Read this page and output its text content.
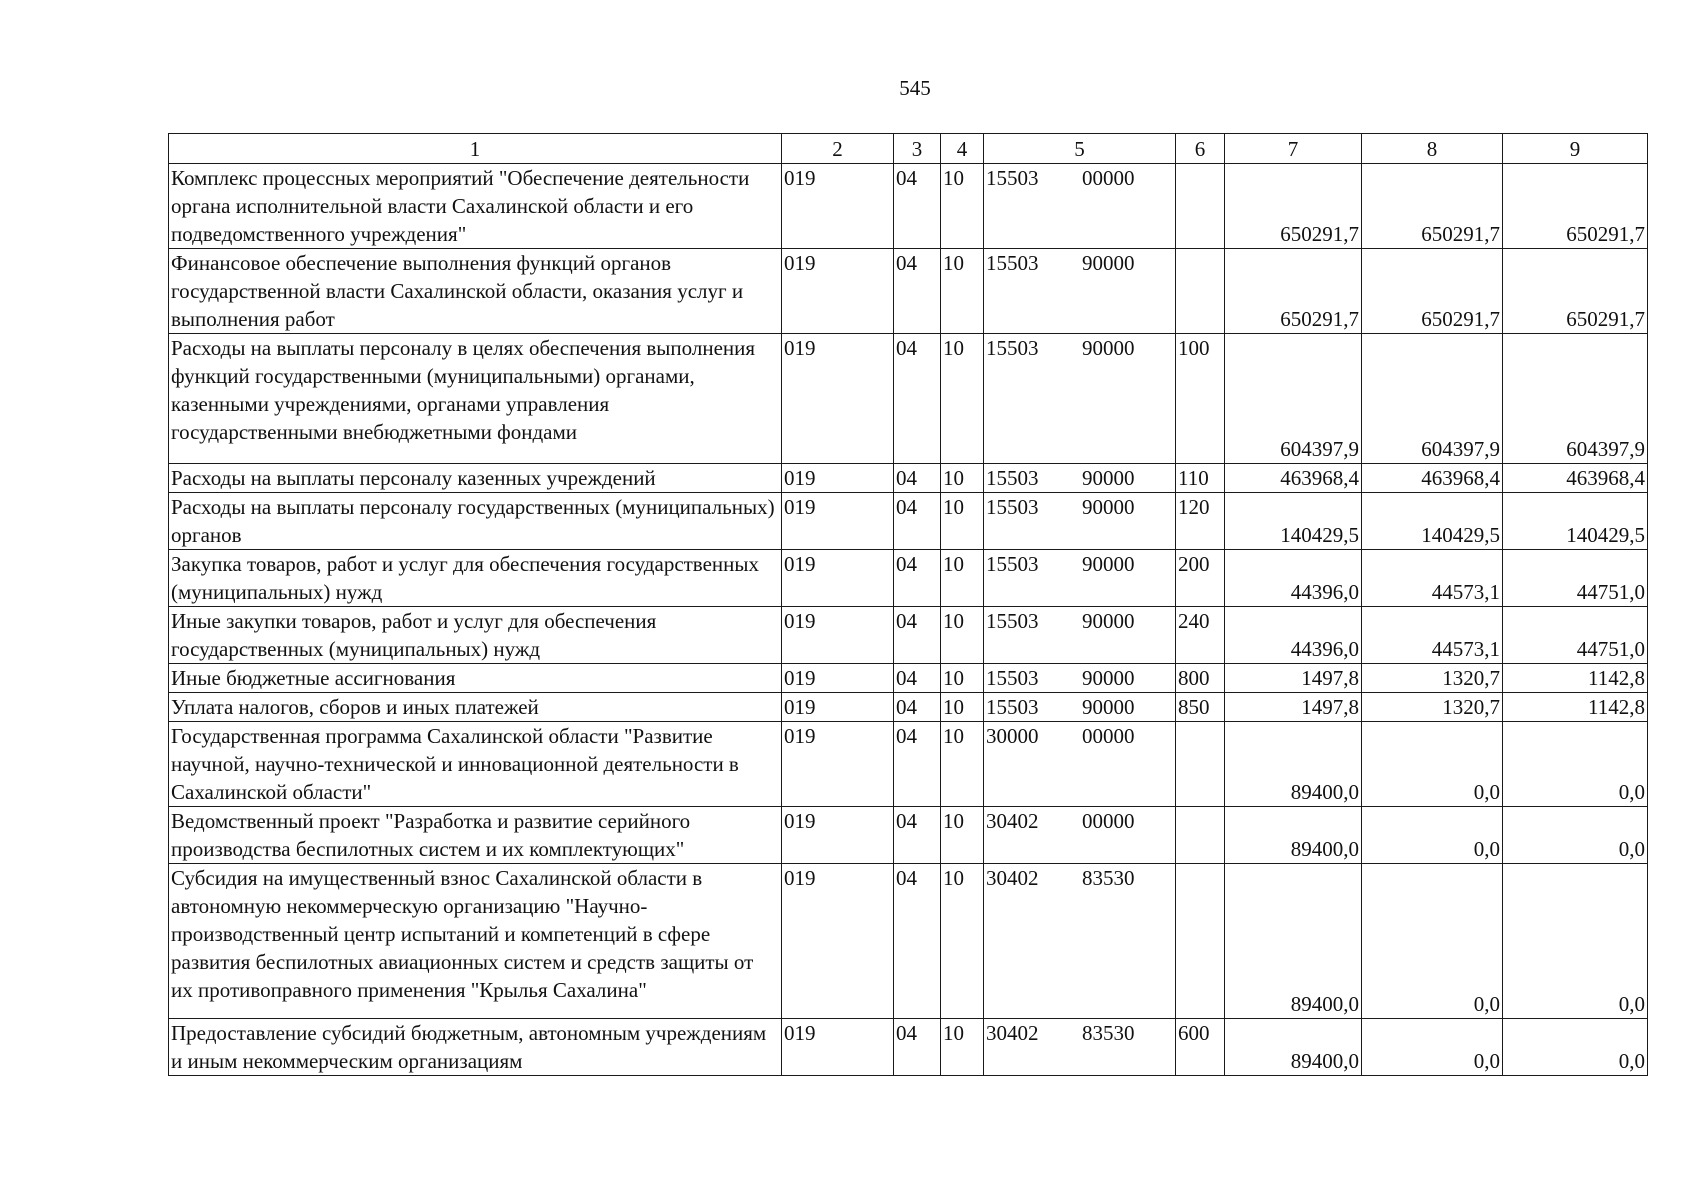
545
1	2	3	4	5	6	7	8	9
Комплекс процессных мероприятий "Обеспечение деятельности органа исполнительной власти Сахалинской области и его подведомственного учреждения"	019	04	10	15503 00000		650291,7	650291,7	650291,7
Финансовое обеспечение выполнения функций органов государственной власти Сахалинской области, оказания услуг и выполнения работ	019	04	10	15503 90000		650291,7	650291,7	650291,7
Расходы на выплаты персоналу в целях обеспечения выполнения функций государственными (муниципальными) органами, казенными учреждениями, органами управления государственными внебюджетными фондами	019	04	10	15503 90000	100	604397,9	604397,9	604397,9
Расходы на выплаты персоналу казенных учреждений	019	04	10	15503 90000	110	463968,4	463968,4	463968,4
Расходы на выплаты персоналу государственных (муниципальных) органов	019	04	10	15503 90000	120	140429,5	140429,5	140429,5
Закупка товаров, работ и услуг для обеспечения государственных (муниципальных) нужд	019	04	10	15503 90000	200	44396,0	44573,1	44751,0
Иные закупки товаров, работ и услуг для обеспечения государственных (муниципальных) нужд	019	04	10	15503 90000	240	44396,0	44573,1	44751,0
Иные бюджетные ассигнования	019	04	10	15503 90000	800	1497,8	1320,7	1142,8
Уплата налогов, сборов и иных платежей	019	04	10	15503 90000	850	1497,8	1320,7	1142,8
Государственная программа Сахалинской области "Развитие научной, научно-технической и инновационной деятельности в Сахалинской области"	019	04	10	30000 00000		89400,0	0,0	0,0
Ведомственный проект "Разработка и развитие серийного производства беспилотных систем и их комплектующих"	019	04	10	30402 00000		89400,0	0,0	0,0
Субсидия на имущественный взнос Сахалинской области в автономную некоммерческую организацию "Научно-производственный центр испытаний и компетенций в сфере развития беспилотных авиационных систем и средств защиты от их противоправного применения "Крылья Сахалина"	019	04	10	30402 83530		89400,0	0,0	0,0
Предоставление субсидий бюджетным, автономным учреждениям и иным некоммерческим организациям	019	04	10	30402 83530	600	89400,0	0,0	0,0
